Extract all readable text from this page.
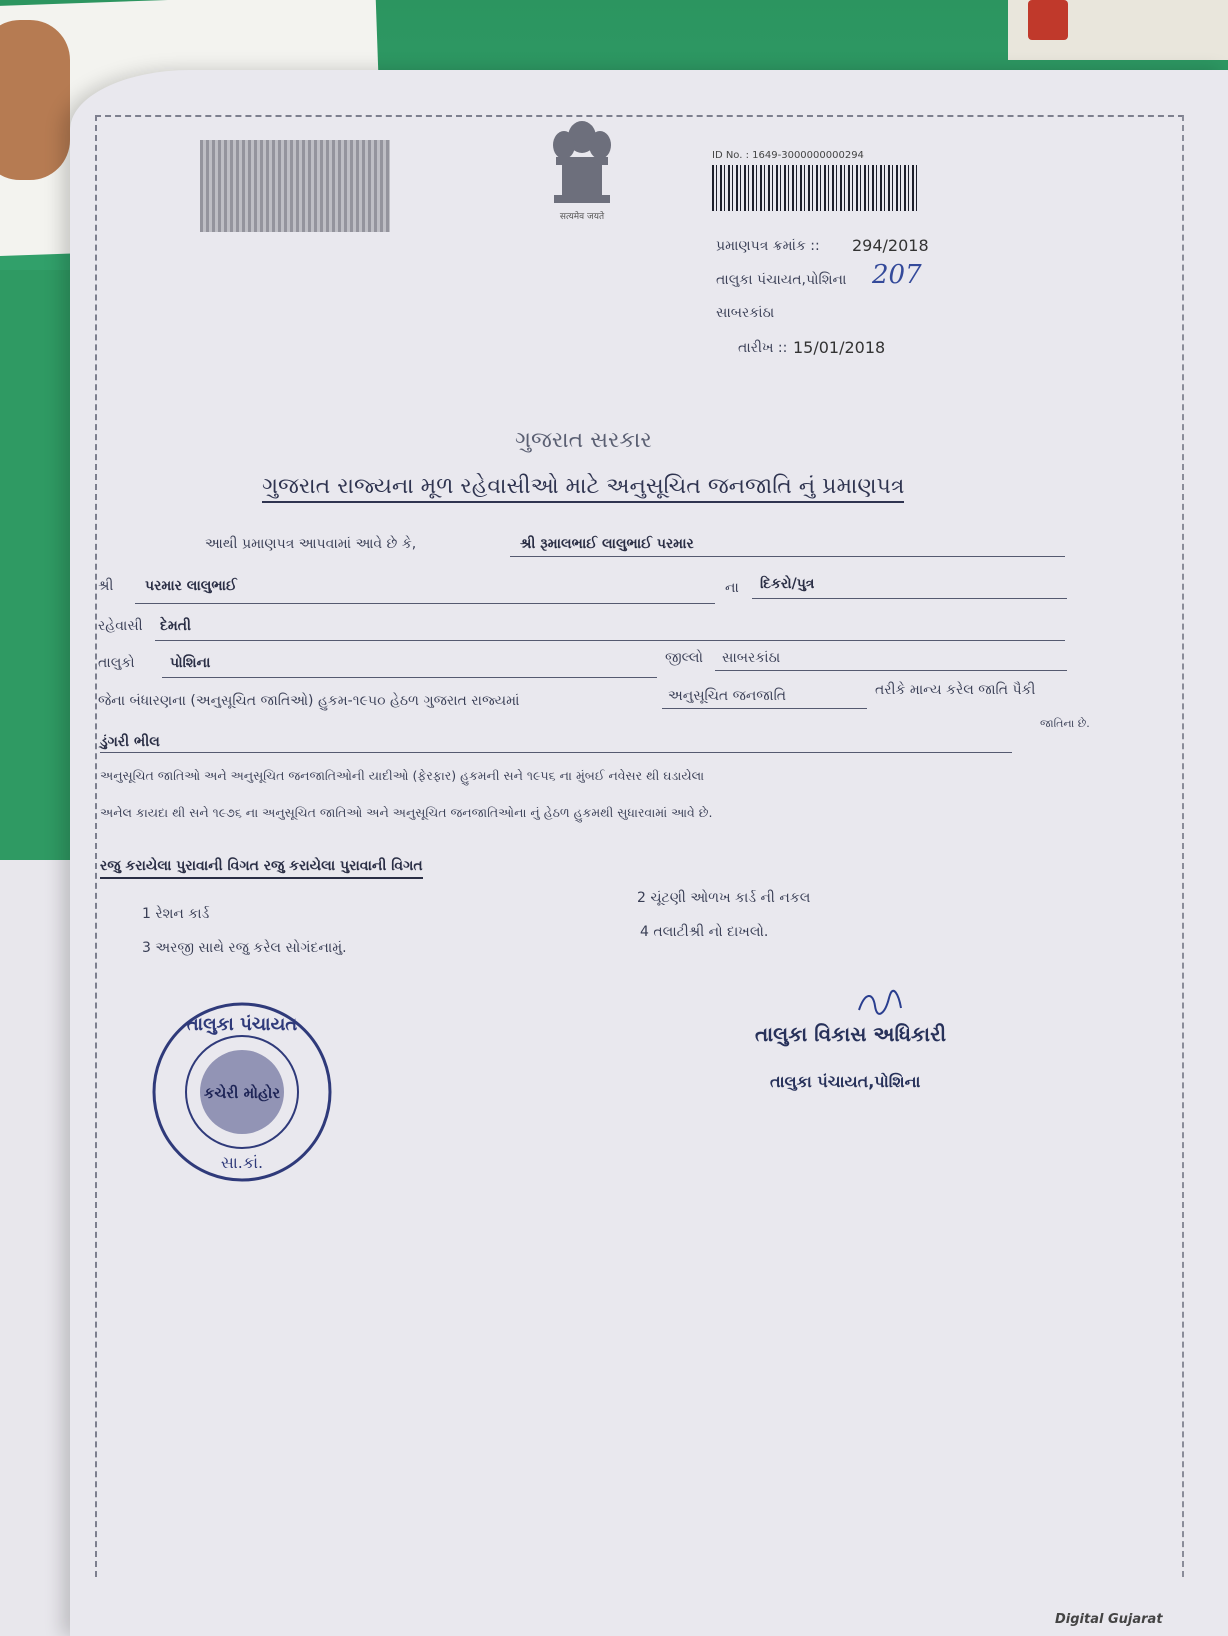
सत्यमेव जयते
ID No. : 1649-3000000000294
પ્રમાણપત્ર ક્રમાંક :: 294/2018
તાલુકા પંચાયત,પોશિના 207
સાબરકાંઠા
તારીખ :: 15/01/2018
ગુજરાત સરકાર
ગુજરાત રાજ્યના મૂળ રહેવાસીઓ માટે અનુસૂચિત જનજાતિ નું પ્રમાણપત્ર
આથી પ્રમાણપત્ર આપવામાં આવે છે કે,	શ્રી રૂમાલભાઈ લાલુભાઈ પરમાર
શ્રી પરમાર લાલુભાઈ	ના દિકરો/પુત્ર
રહેવાસી દેમતી
તાલુકો	પોશિના	જીલ્લો સાબરકાંઠા
જેના બંધારણના (અનુસૂચિત જાતિઓ) હુકમ-૧૯૫૦ હેઠળ ગુજરાત રાજ્યમાં	અનુસૂચિત જનજાતિ	તરીકે માન્ય કરેલ જાતિ પૈકી
જાતિના છે.
ડુંગરી ભીલ
અનુસૂચિત જાતિઓ અને અનુસૂચિત જનજાતિઓની યાદીઓ (ફેરફાર) હુકમની સને ૧૯૫૬ ના મુંબઈ નવેસર થી ઘડાયેલા
અનેલ કાયદા થી સને ૧૯૭૬ ના અનુસૂચિત જાતિઓ અને અનુસૂચિત જનજાતિઓના નું હેઠળ હુકમથી સુધારવામાં આવે છે.
રજુ કરાયેલા પુરાવાની વિગત રજુ કરાયેલા પુરાવાની વિગત
1 રેશન કાર્ડ
2 ચૂંટણી ઓળખ કાર્ડ ની નકલ
3 અરજી સાથે રજુ કરેલ સોગંદનામું.
4 તલાટીશ્રી નો દાખલો.
તાલુકા પંચાયત
કચેરી મોહોર
સા.કાં.
તાલુકા વિકાસ અધિકારી
તાલુકા પંચાયત,પોશિના
Digital Gujarat
